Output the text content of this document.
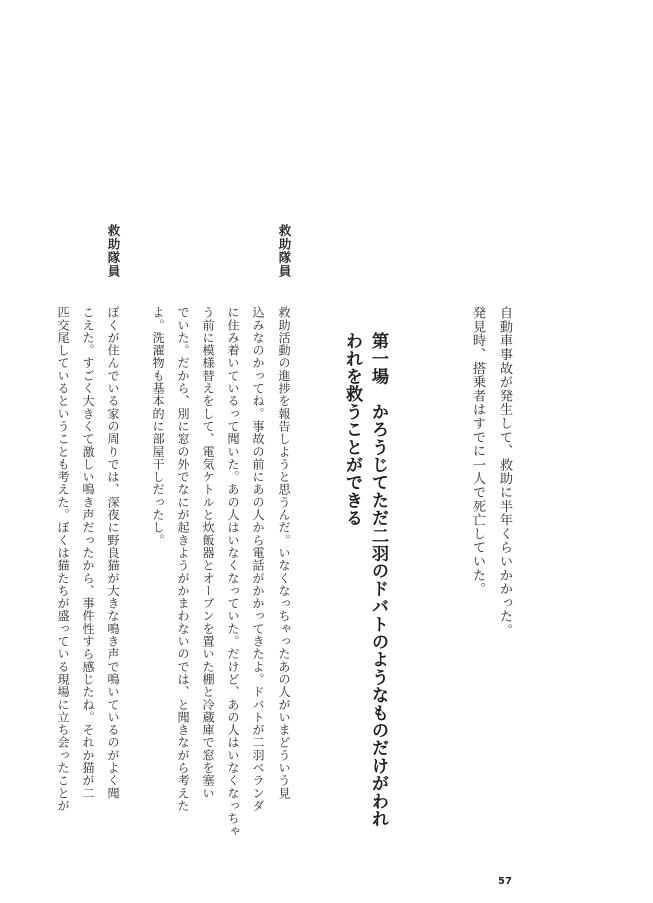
自動車事故が発生して、救助に半年くらいかかった。

発見時、搭乗者はすでに一人で死亡していた。

第一場　かろうじてただ二羽のドバトのようなものだけがわれ
われを救うことができる
救助隊員
救助隊員

救助活動の進捗を報告しようと思うんだ。いなくなっちゃったあの人がいまどういう見

込みなのかってね。事故の前にあの人から電話がかかってきたよ。ドバトが二羽ベランダ

に住み着いているって聞いた。あの人はいなくなっていた。だけど、あの人はいなくなっちゃ

う前に模様替えをして、電気ケトルと炊飯器とオーブンを置いた棚と冷蔵庫で窓を塞い

でいた。だから、別に窓の外でなにが起きようがかまわないのでは、と聞きながら考えた

よ。洗濯物も基本的に部屋干しだったし。

ぼくが住んでいる家の周りでは、深夜に野良猫が大きな鳴き声で鳴いているのがよく聞

こえた。すごく大きくて激しい鳴き声だったから、事件性すら感じたね。それか猫が二

匹交尾しているということも考えた。ぼくは猫たちが盛っている現場に立ち会ったことが

57
